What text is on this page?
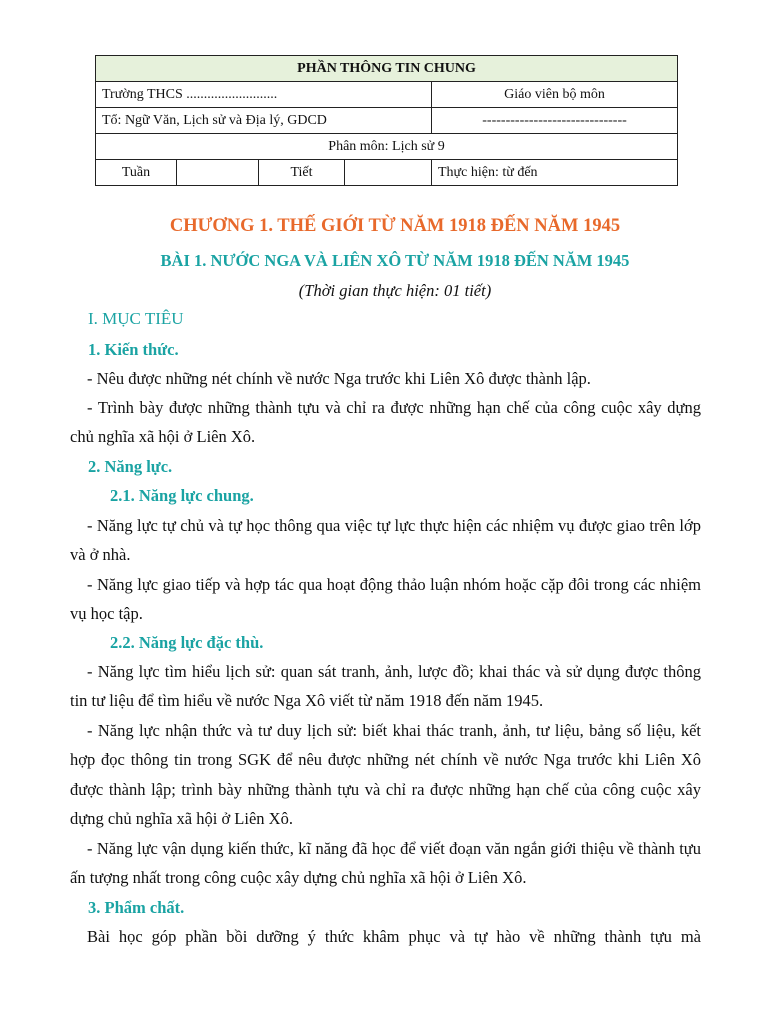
PHẦN THÔNG TIN CHUNG				
Trường THCS ..........................				Giáo viên bộ môn
Tổ: Ngữ Văn, Lịch sử và Địa lý, GDCD				-------------------------------
Phân môn: Lịch sử 9				
Tuần		Tiết		Thực hiện: từ đến
CHƯƠNG 1. THẾ GIỚI TỪ NĂM 1918 ĐẾN NĂM 1945
BÀI 1. NƯỚC NGA VÀ LIÊN XÔ TỪ NĂM 1918 ĐẾN NĂM 1945
(Thời gian thực hiện: 01 tiết)
I. MỤC TIÊU
1. Kiến thức.
- Nêu được những nét chính về nước Nga trước khi Liên Xô được thành lập.
- Trình bày được những thành tựu và chỉ ra được những hạn chế của công cuộc xây dựng chủ nghĩa xã hội ở Liên Xô.
2. Năng lực.
2.1. Năng lực chung.
- Năng lực tự chủ và tự học thông qua việc tự lực thực hiện các nhiệm vụ được giao trên lớp và ở nhà.
- Năng lực giao tiếp và hợp tác qua hoạt động thảo luận nhóm hoặc cặp đôi trong các nhiệm vụ học tập.
2.2. Năng lực đặc thù.
- Năng lực tìm hiểu lịch sử: quan sát tranh, ảnh, lược đồ; khai thác và sử dụng được thông tin tư liệu để tìm hiểu về nước Nga Xô viết từ năm 1918 đến năm 1945.
- Năng lực nhận thức và tư duy lịch sử: biết khai thác tranh, ảnh, tư liệu, bảng số liệu, kết hợp đọc thông tin trong SGK để nêu được những nét chính về nước Nga trước khi Liên Xô được thành lập; trình bày những thành tựu và chỉ ra được những hạn chế của công cuộc xây dựng chủ nghĩa xã hội ở Liên Xô.
- Năng lực vận dụng kiến thức, kĩ năng đã học để viết đoạn văn ngắn giới thiệu về thành tựu ấn tượng nhất trong công cuộc xây dựng chủ nghĩa xã hội ở Liên Xô.
3. Phẩm chất.
Bài học góp phần bồi dưỡng ý thức khâm phục và tự hào về những thành tựu mà
